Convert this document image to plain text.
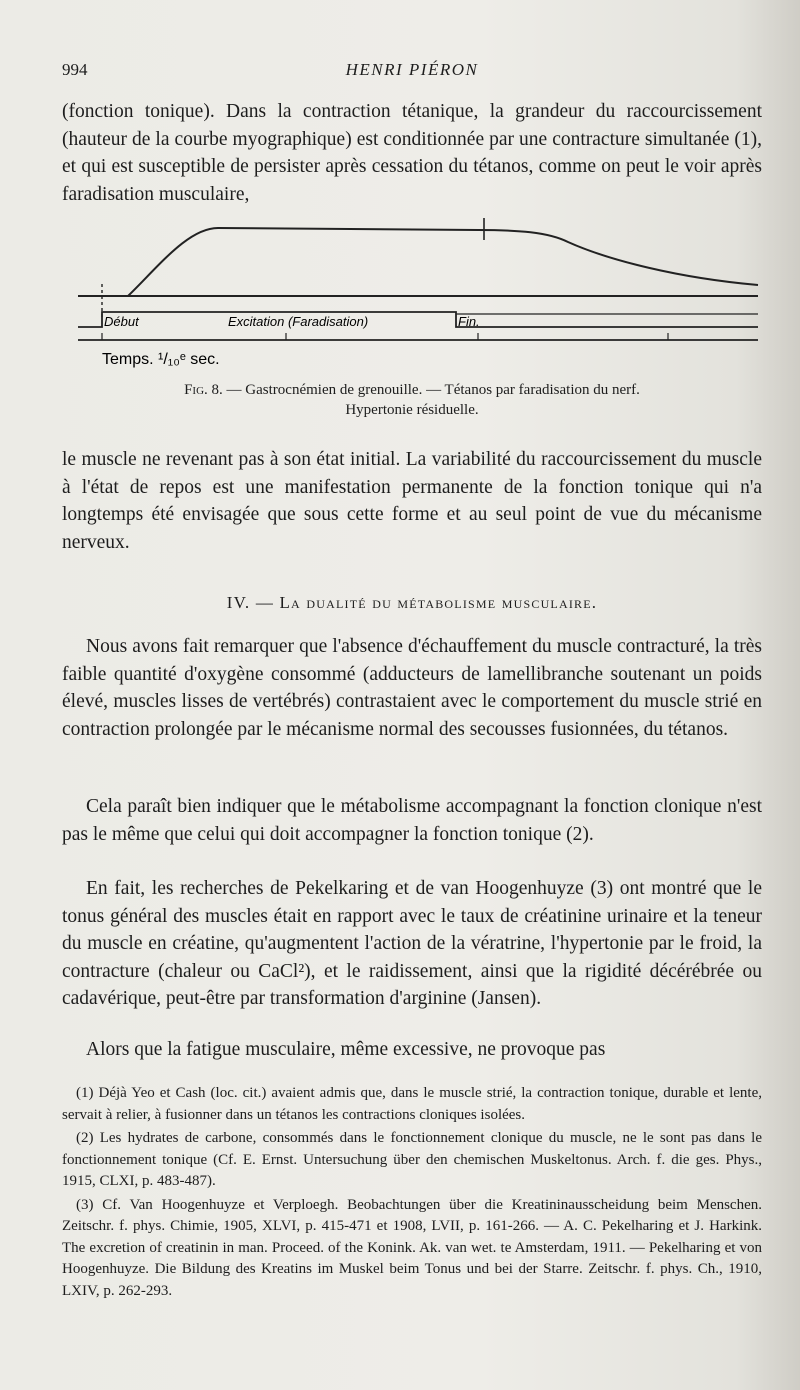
994	HENRI PIÉRON

(fonction tonique). Dans la contraction tétanique, la grandeur du raccourcissement (hauteur de la courbe myographique) est conditionnée par une contracture simultanée (1), et qui est susceptible de persister après cessation du tétanos, comme on peut le voir après faradisation musculaire,

Début	Excitation (Faradisation)	Fin.
Temps. ¹/₁₀ᵉ sec.
Fig. 8. — Gastrocnémien de grenouille. — Tétanos par faradisation du nerf.
Hypertonie résiduelle.

le muscle ne revenant pas à son état initial. La variabilité du raccourcissement du muscle à l'état de repos est une manifestation permanente de la fonction tonique qui n'a longtemps été envisagée que sous cette forme et au seul point de vue du mécanisme nerveux.

IV. — La dualité du métabolisme musculaire.

Nous avons fait remarquer que l'absence d'échauffement du muscle contracturé, la très faible quantité d'oxygène consommé (adducteurs de lamellibranche soutenant un poids élevé, muscles lisses de vertébrés) contrastaient avec le comportement du muscle strié en contraction prolongée par le mécanisme normal des secousses fusionnées, du tétanos.

Cela paraît bien indiquer que le métabolisme accompagnant la fonction clonique n'est pas le même que celui qui doit accompagner la fonction tonique (2).

En fait, les recherches de Pekelkaring et de van Hoogenhuyze (3) ont montré que le tonus général des muscles était en rapport avec le taux de créatinine urinaire et la teneur du muscle en créatine, qu'augmentent l'action de la vératrine, l'hypertonie par le froid, la contracture (chaleur ou CaCl²), et le raidissement, ainsi que la rigidité décérébrée ou cadavérique, peut-être par transformation d'arginine (Jansen).

Alors que la fatigue musculaire, même excessive, ne provoque pas

(1) Déjà Yeo et Cash (loc. cit.) avaient admis que, dans le muscle strié, la contraction tonique, durable et lente, servait à relier, à fusionner dans un tétanos les contractions cloniques isolées.

(2) Les hydrates de carbone, consommés dans le fonctionnement clonique du muscle, ne le sont pas dans le fonctionnement tonique (Cf. E. Ernst. Untersuchung über den chemischen Muskeltonus. Arch. f. die ges. Phys., 1915, CLXI, p. 483-487).

(3) Cf. Van Hoogenhuyze et Verploegh. Beobachtungen über die Kreatininausscheidung beim Menschen. Zeitschr. f. phys. Chimie, 1905, XLVI, p. 415-471 et 1908, LVII, p. 161-266. — A. C. Pekelharing et J. Harkink. The excretion of creatinin in man. Proceed. of the Konink. Ak. van wet. te Amsterdam, 1911. — Pekelharing et von Hoogenhuyze. Die Bildung des Kreatins im Muskel beim Tonus und bei der Starre. Zeitschr. f. phys. Ch., 1910, LXIV, p. 262-293.
